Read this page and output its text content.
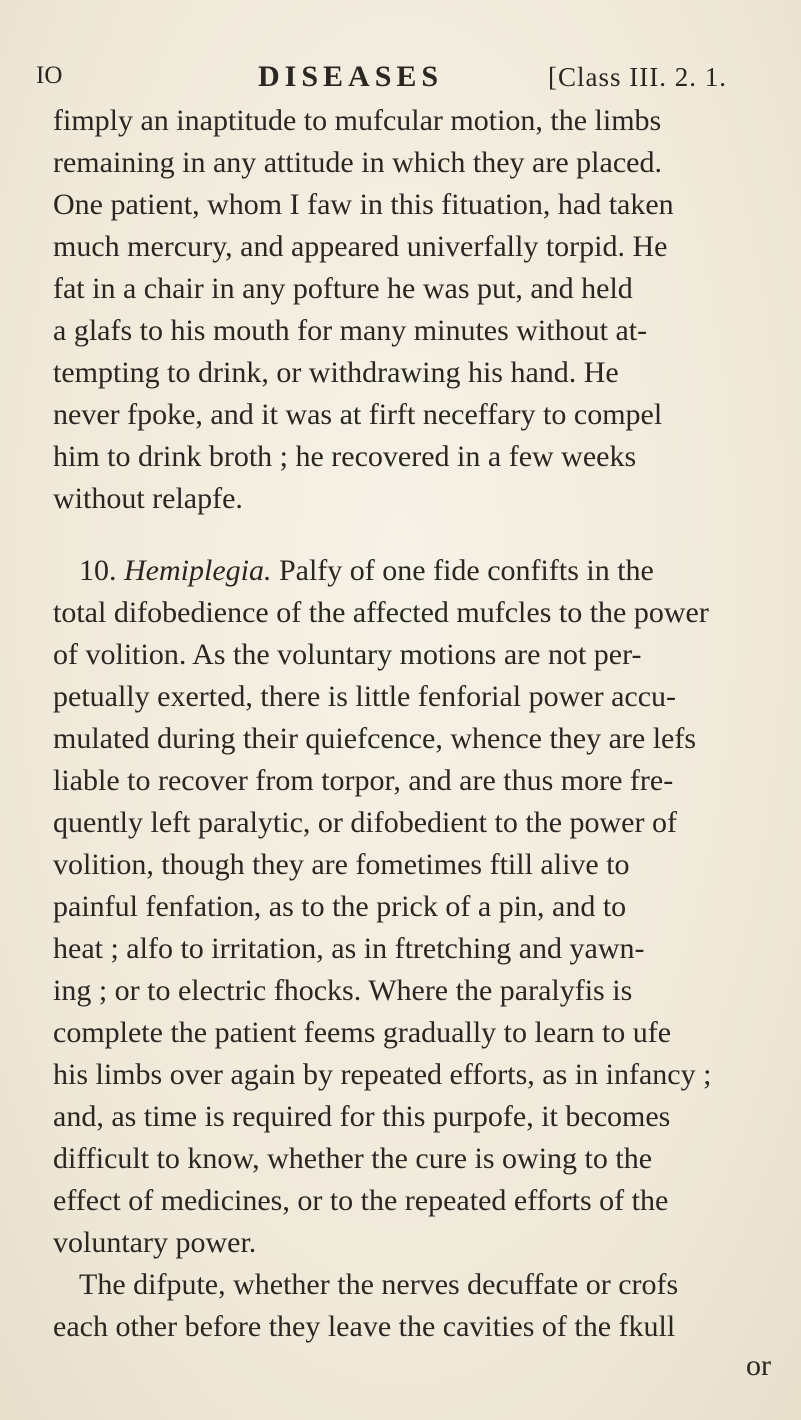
IO	DISEASES	[Class III. 2. 1.
fimply an inaptitude to mufcular motion, the limbs
remaining in any attitude in which they are placed.
One patient, whom I faw in this fituation, had taken
much mercury, and appeared univerfally torpid. He
fat in a chair in any pofture he was put, and held
a glafs to his mouth for many minutes without at-
tempting to drink, or withdrawing his hand. He
never fpoke, and it was at firft neceffary to compel
him to drink broth ; he recovered in a few weeks
without relapfe.
10. Hemiplegia. Palfy of one fide confifts in the
total difobedience of the affected mufcles to the power
of volition. As the voluntary motions are not per-
petually exerted, there is little fenforial power accu-
mulated during their quiefcence, whence they are lefs
liable to recover from torpor, and are thus more fre-
quently left paralytic, or difobedient to the power of
volition, though they are fometimes ftill alive to
painful fenfation, as to the prick of a pin, and to
heat ; alfo to irritation, as in ftretching and yawn-
ing ; or to electric fhocks. Where the paralyfis is
complete the patient feems gradually to learn to ufe
his limbs over again by repeated efforts, as in infancy ;
and, as time is required for this purpofe, it becomes
difficult to know, whether the cure is owing to the
effect of medicines, or to the repeated efforts of the
voluntary power.
The difpute, whether the nerves decuffate or crofs
each other before they leave the cavities of the fkull
or
